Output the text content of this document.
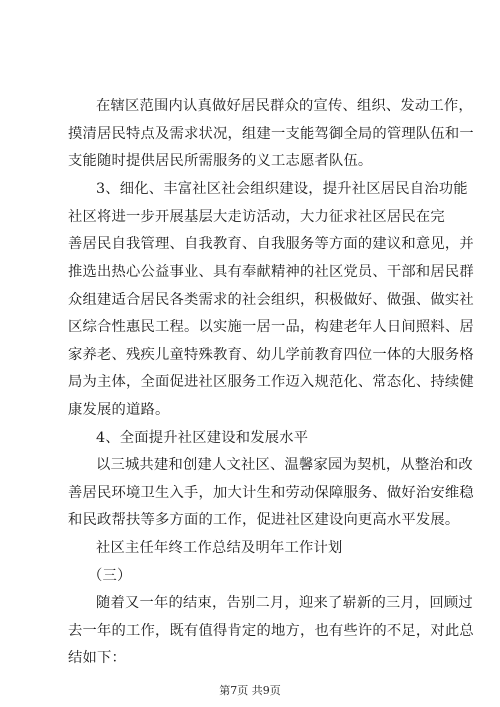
在辖区范围内认真做好居民群众的宣传、组织、发动工作，
摸清居民特点及需求状况，组建一支能驾御全局的管理队伍和一
支能随时提供居民所需服务的义工志愿者队伍。
3、细化、丰富社区社会组织建设，提升社区居民自治功能
社区将进一步开展基层大走访活动，大力征求社区居民在完
善居民自我管理、自我教育、自我服务等方面的建议和意见，并
推选出热心公益事业、具有奉献精神的社区党员、干部和居民群
众组建适合居民各类需求的社会组织，积极做好、做强、做实社
区综合性惠民工程。以实施一居一品，构建老年人日间照料、居
家养老、残疾儿童特殊教育、幼儿学前教育四位一体的大服务格
局为主体，全面促进社区服务工作迈入规范化、常态化、持续健
康发展的道路。
4、全面提升社区建设和发展水平
以三城共建和创建人文社区、温馨家园为契机，从整治和改
善居民环境卫生入手，加大计生和劳动保障服务、做好治安维稳
和民政帮扶等多方面的工作，促进社区建设向更高水平发展。
社区主任年终工作总结及明年工作计划
（三）
随着又一年的结束，告别二月，迎来了崭新的三月，回顾过
去一年的工作，既有值得肯定的地方，也有些许的不足，对此总
结如下：
第7页 共9页
